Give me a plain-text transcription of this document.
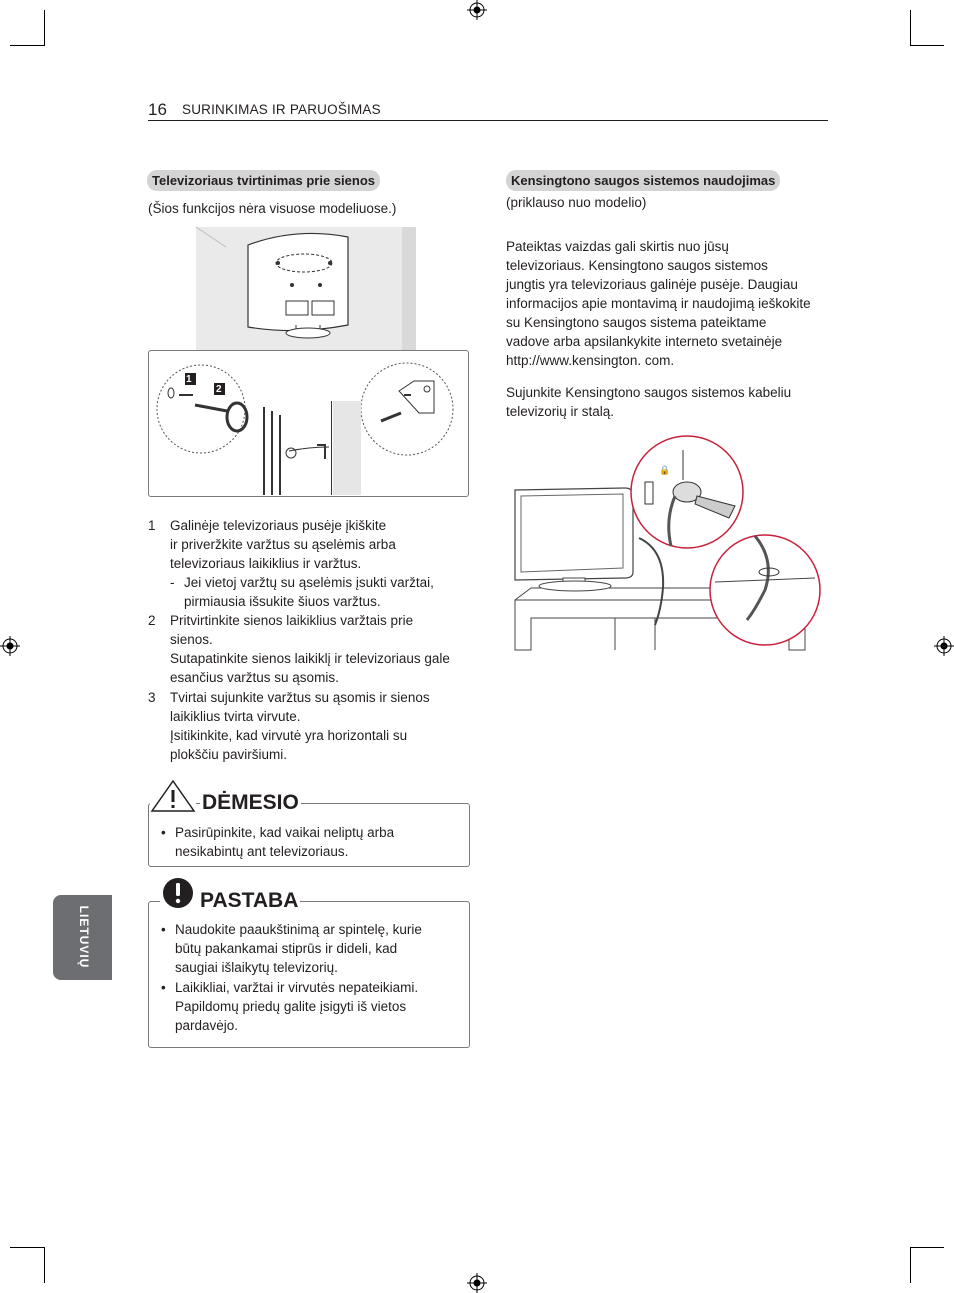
16 SURINKIMAS IR PARUOŠIMAS
Televizoriaus tvirtinimas prie sienos
(Šios funkcijos nėra visuose modeliuose.)
1
2
1 Galinėje televizoriaus pusėje įkiškite
ir priveržkite varžtus su ąselėmis arba
televizoriaus laikiklius ir varžtus.
- Jei vietoj varžtų su ąselėmis įsukti varžtai,
pirmiausia išsukite šiuos varžtus.
2 Pritvirtinkite sienos laikiklius varžtais prie
sienos.
Sutapatinkite sienos laikiklį ir televizoriaus gale
esančius varžtus su ąsomis.
3 Tvirtai sujunkite varžtus su ąsomis ir sienos
laikiklius tvirta virvute.
Įsitikinkite, kad virvutė yra horizontali su
plokščiu paviršiumi.
DĖMESIO
• Pasirūpinkite, kad vaikai neliptų arba
nesikabintų ant televizoriaus.
PASTABA
• Naudokite paaukštinimą ar spintelę, kurie
būtų pakankamai stiprūs ir dideli, kad
saugiai išlaikytų televizorių.
• Laikikliai, varžtai ir virvutės nepateikiami.
Papildomų priedų galite įsigyti iš vietos
pardavėjo.
Kensingtono saugos sistemos naudojimas
(priklauso nuo modelio)
Pateiktas vaizdas gali skirtis nuo jūsų
televizoriaus. Kensingtono saugos sistemos
jungtis yra televizoriaus galinėje pusėje. Daugiau
informacijos apie montavimą ir naudojimą ieškokite
su Kensingtono saugos sistema pateiktame
vadove arba apsilankykite interneto svetainėje
http://www.kensington. com.
Sujunkite Kensingtono saugos sistemos kabeliu
televizorių ir stalą.
🔒
LIETUVIŲ
